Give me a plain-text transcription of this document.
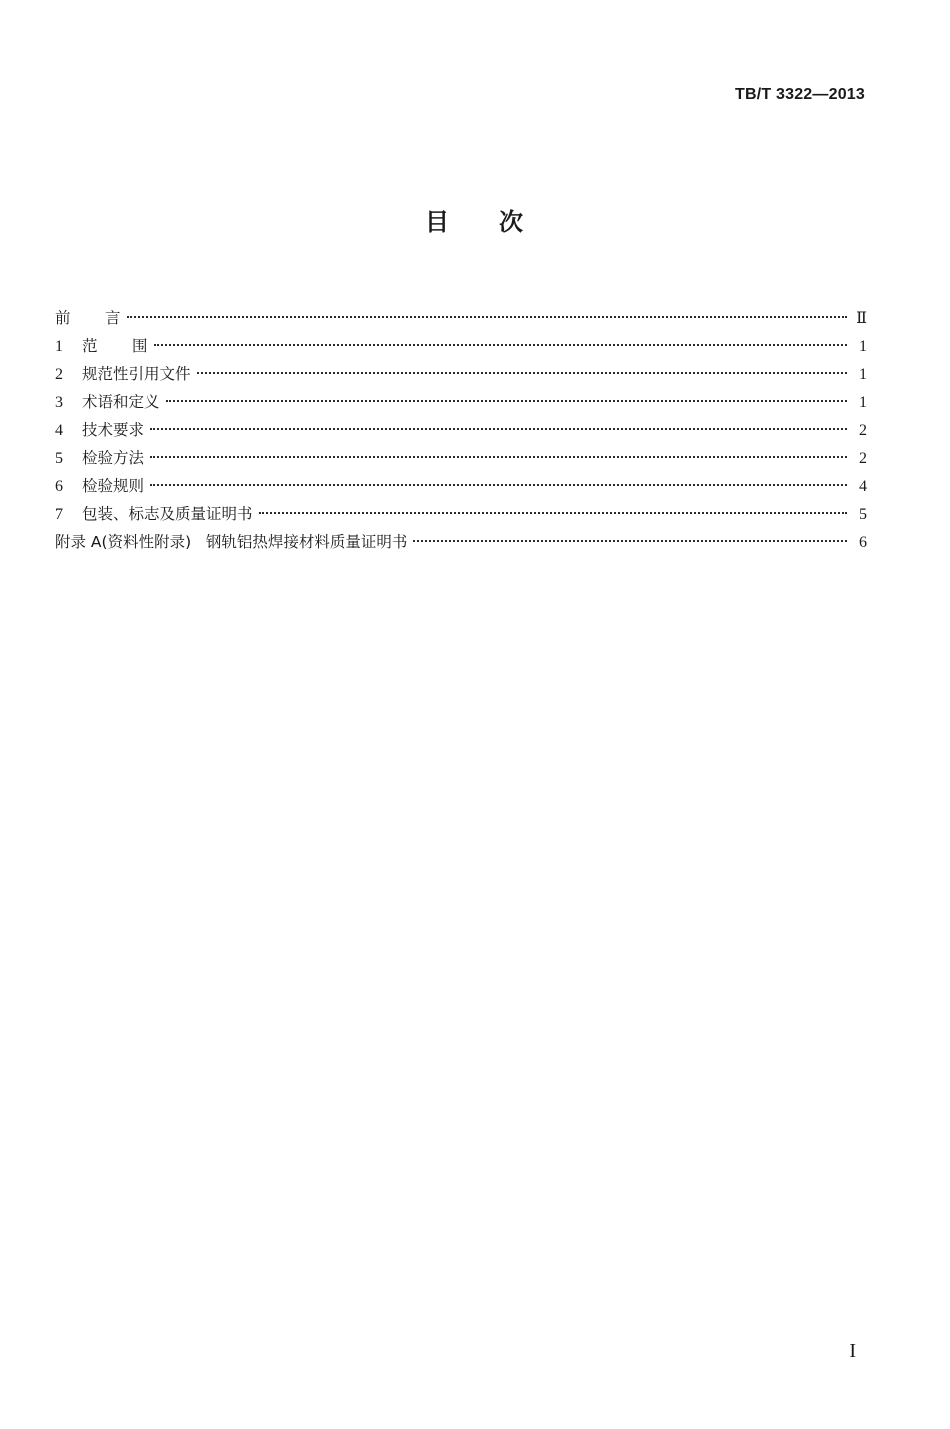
TB/T 3322—2013
目 次
前       言	Ⅱ
1	范       围	1
2	规范性引用文件	1
3	术语和定义	1
4	技术要求	2
5	检验方法	2
6	检验规则	4
7	包装、标志及质量证明书	5
附录 A(资料性附录)   钢轨铝热焊接材料质量证明书	6
I
